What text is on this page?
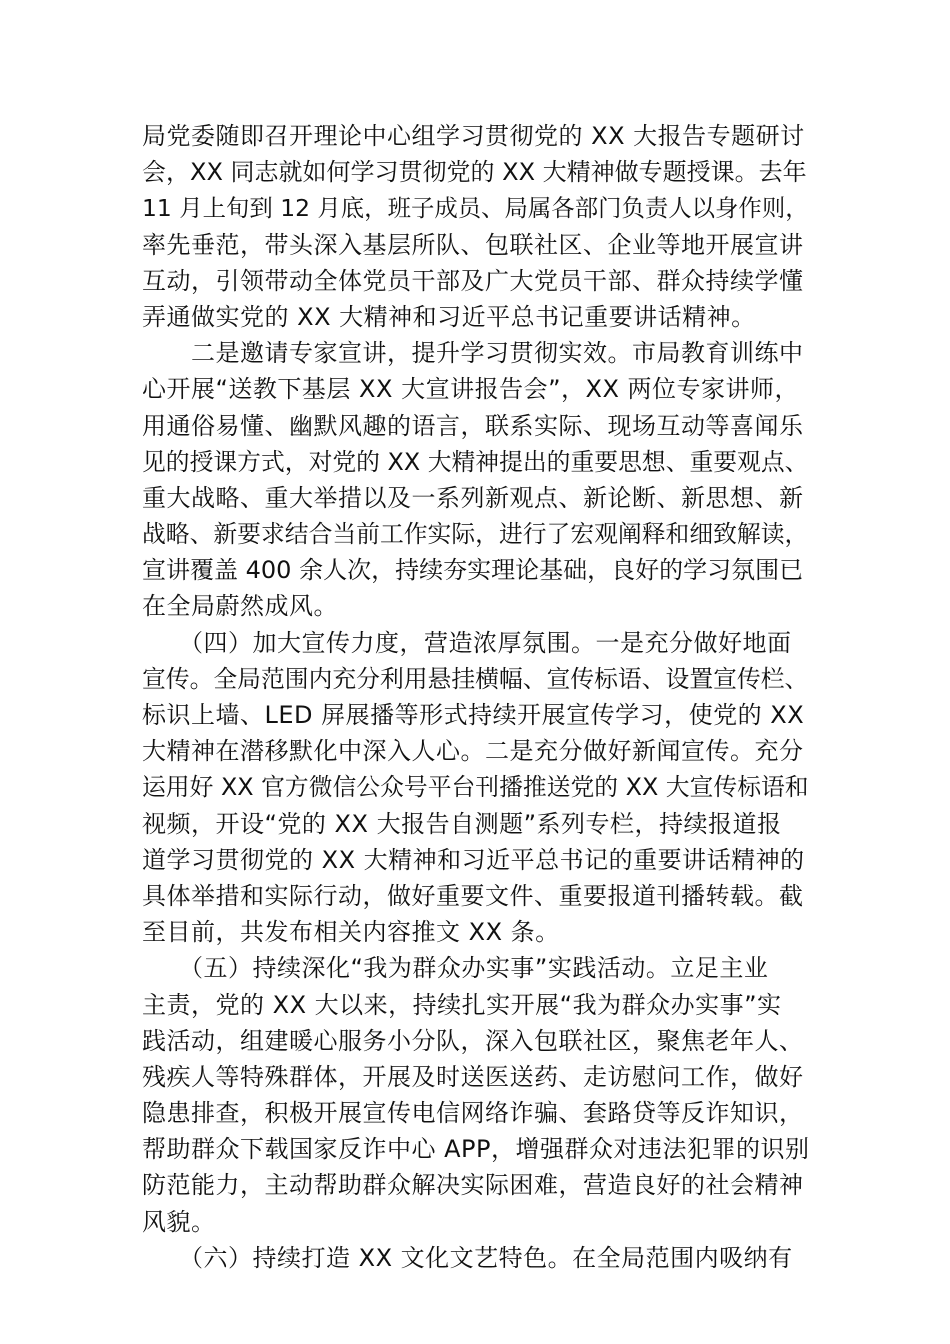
局党委随即召开理论中心组学习贯彻党的 XX 大报告专题研讨
会，XX 同志就如何学习贯彻党的 XX 大精神做专题授课。去年
11 月上旬到 12 月底，班子成员、局属各部门负责人以身作则，
率先垂范，带头深入基层所队、包联社区、企业等地开展宣讲
互动，引领带动全体党员干部及广大党员干部、群众持续学懂
弄通做实党的 XX 大精神和习近平总书记重要讲话精神。
　　二是邀请专家宣讲，提升学习贯彻实效。市局教育训练中
心开展“送教下基层 XX 大宣讲报告会”，XX 两位专家讲师，
用通俗易懂、幽默风趣的语言，联系实际、现场互动等喜闻乐
见的授课方式，对党的 XX 大精神提出的重要思想、重要观点、
重大战略、重大举措以及一系列新观点、新论断、新思想、新
战略、新要求结合当前工作实际，进行了宏观阐释和细致解读，
宣讲覆盖 400 余人次，持续夯实理论基础，良好的学习氛围已
在全局蔚然成风。
　　（四）加大宣传力度，营造浓厚氛围。一是充分做好地面
宣传。全局范围内充分利用悬挂横幅、宣传标语、设置宣传栏、
标识上墙、LED 屏展播等形式持续开展宣传学习，使党的 XX
大精神在潜移默化中深入人心。二是充分做好新闻宣传。充分
运用好 XX 官方微信公众号平台刊播推送党的 XX 大宣传标语和
视频，开设“党的 XX 大报告自测题”系列专栏，持续报道报
道学习贯彻党的 XX 大精神和习近平总书记的重要讲话精神的
具体举措和实际行动，做好重要文件、重要报道刊播转载。截
至目前，共发布相关内容推文 XX 条。
　　（五）持续深化“我为群众办实事”实践活动。立足主业
主责，党的 XX 大以来，持续扎实开展“我为群众办实事”实
践活动，组建暖心服务小分队，深入包联社区，聚焦老年人、
残疾人等特殊群体，开展及时送医送药、走访慰问工作，做好
隐患排查，积极开展宣传电信网络诈骗、套路贷等反诈知识，
帮助群众下载国家反诈中心 APP，增强群众对违法犯罪的识别
防范能力，主动帮助群众解决实际困难，营造良好的社会精神
风貌。
　　（六）持续打造 XX 文化文艺特色。在全局范围内吸纳有
